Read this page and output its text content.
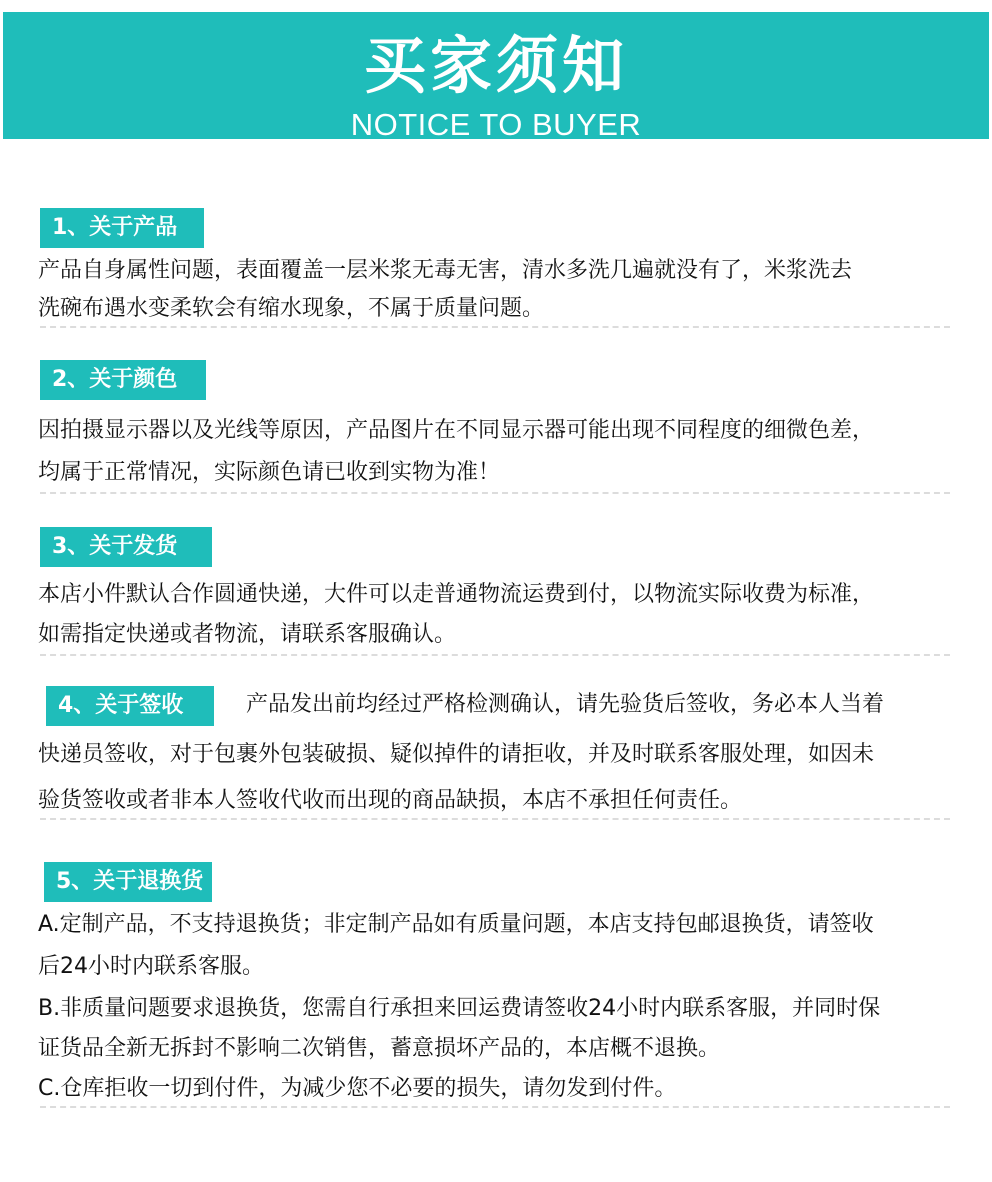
买家须知
NOTICE TO BUYER
1、关于产品
产品自身属性问题，表面覆盖一层米浆无毒无害，清水多洗几遍就没有了，米浆洗去
洗碗布遇水变柔软会有缩水现象，不属于质量问题。
2、关于颜色
因拍摄显示器以及光线等原因，产品图片在不同显示器可能出现不同程度的细微色差，
均属于正常情况，实际颜色请已收到实物为准！
3、关于发货
本店小件默认合作圆通快递，大件可以走普通物流运费到付，以物流实际收费为标准，
如需指定快递或者物流，请联系客服确认。
4、关于签收	产品发出前均经过严格检测确认，请先验货后签收，务必本人当着
快递员签收，对于包裹外包装破损、疑似掉件的请拒收，并及时联系客服处理，如因未
验货签收或者非本人签收代收而出现的商品缺损，本店不承担任何责任。
5、关于退换货
A.定制产品，不支持退换货；非定制产品如有质量问题，本店支持包邮退换货，请签收
后24小时内联系客服。
B.非质量问题要求退换货，您需自行承担来回运费请签收24小时内联系客服，并同时保
证货品全新无拆封不影响二次销售，蓄意损坏产品的，本店概不退换。
C.仓库拒收一切到付件，为减少您不必要的损失，请勿发到付件。
